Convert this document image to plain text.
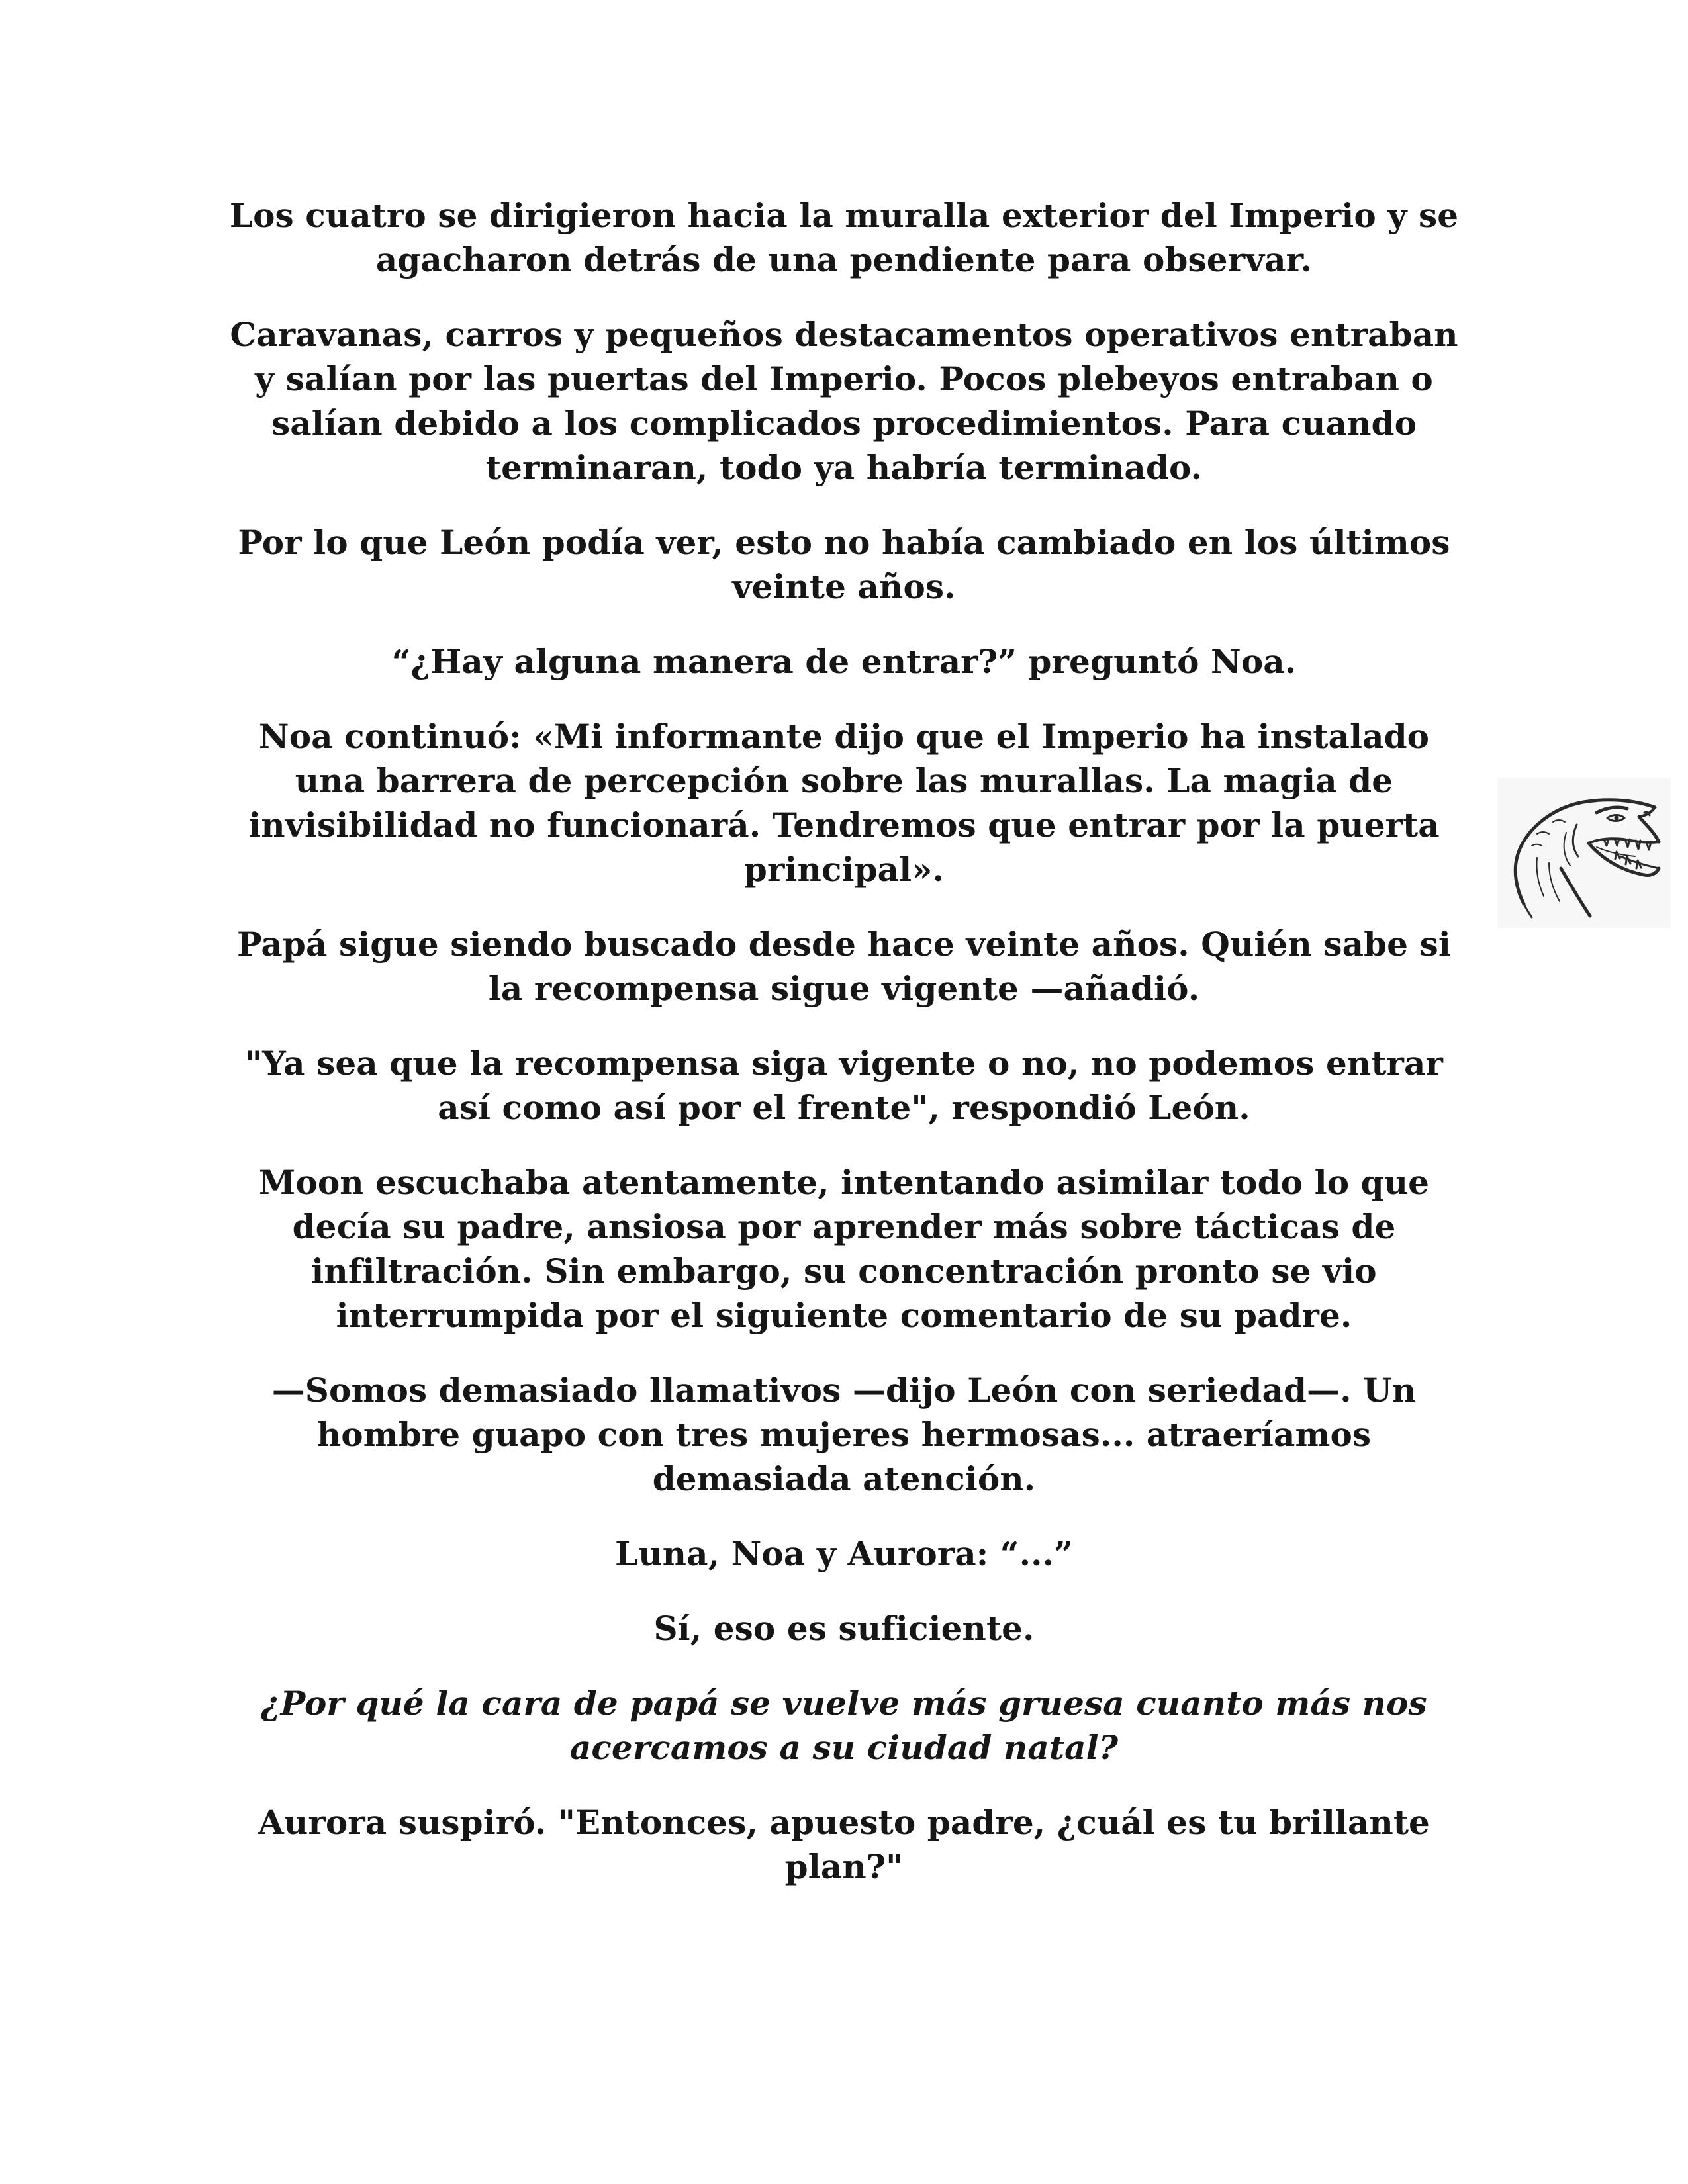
Los cuatro se dirigieron hacia la muralla exterior del Imperio y se agacharon detrás de una pendiente para observar.

Caravanas, carros y pequeños destacamentos operativos entraban y salían por las puertas del Imperio. Pocos plebeyos entraban o salían debido a los complicados procedimientos. Para cuando terminaran, todo ya habría terminado.

Por lo que León podía ver, esto no había cambiado en los últimos veinte años.

“¿Hay alguna manera de entrar?” preguntó Noa.

Noa continuó: «Mi informante dijo que el Imperio ha instalado una barrera de percepción sobre las murallas. La magia de invisibilidad no funcionará. Tendremos que entrar por la puerta principal».

Papá sigue siendo buscado desde hace veinte años. Quién sabe si la recompensa sigue vigente —añadió.

"Ya sea que la recompensa siga vigente o no, no podemos entrar así como así por el frente", respondió León.

Moon escuchaba atentamente, intentando asimilar todo lo que decía su padre, ansiosa por aprender más sobre tácticas de infiltración. Sin embargo, su concentración pronto se vio interrumpida por el siguiente comentario de su padre.

—Somos demasiado llamativos —dijo León con seriedad—. Un hombre guapo con tres mujeres hermosas... atraeríamos demasiada atención.

Luna, Noa y Aurora: “...”

Sí, eso es suficiente.

¿Por qué la cara de papá se vuelve más gruesa cuanto más nos acercamos a su ciudad natal?

Aurora suspiró. "Entonces, apuesto padre, ¿cuál es tu brillante plan?"
